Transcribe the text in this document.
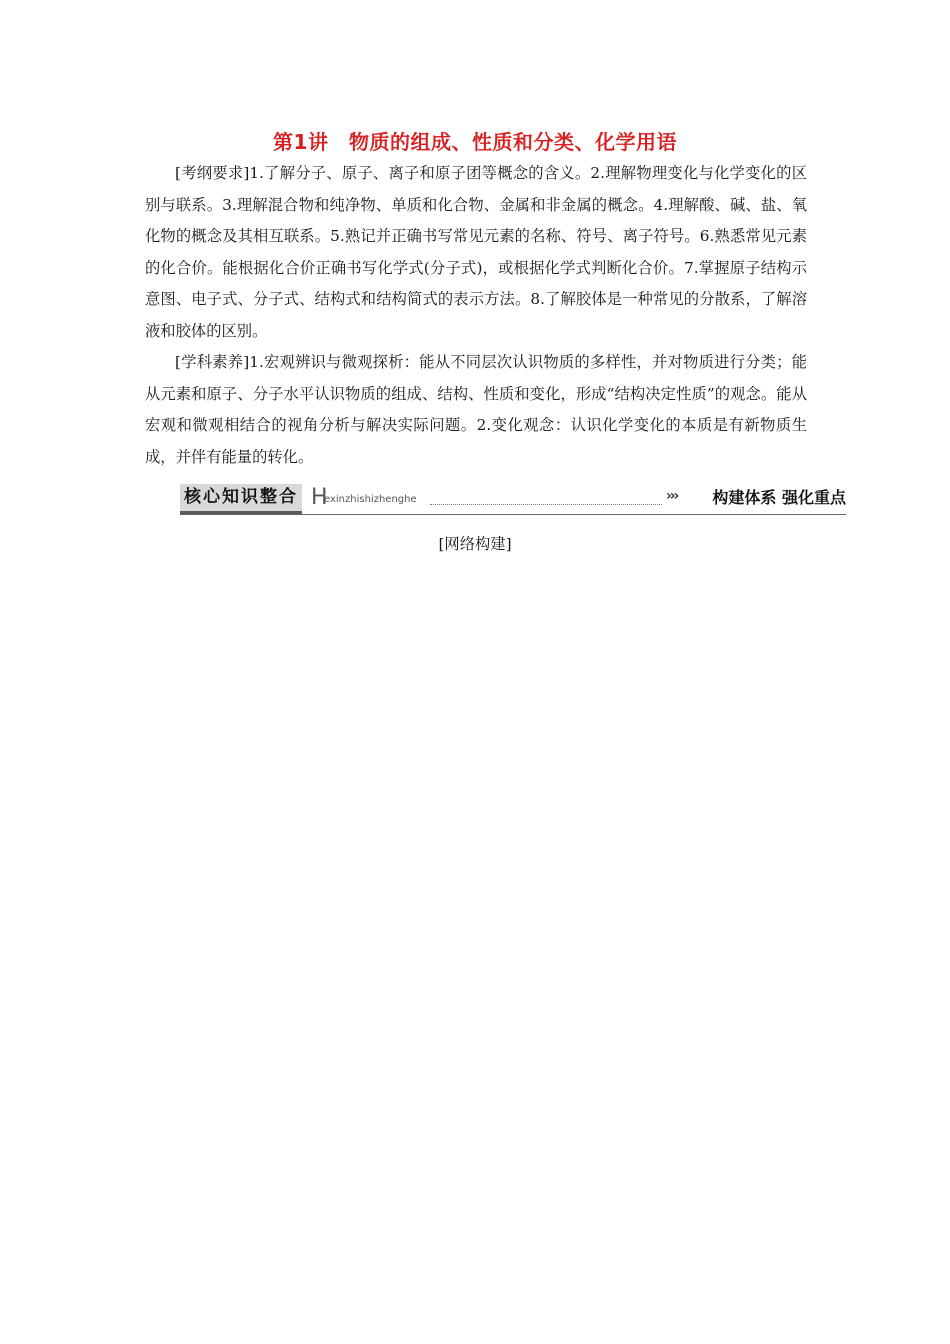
第1讲　物质的组成、性质和分类、化学用语

[考纲要求]1.了解分子、原子、离子和原子团等概念的含义。2.理解物理变化与化学变化的区别与联系。3.理解混合物和纯净物、单质和化合物、金属和非金属的概念。4.理解酸、碱、盐、氧化物的概念及其相互联系。5.熟记并正确书写常见元素的名称、符号、离子符号。6.熟悉常见元素的化合价。能根据化合价正确书写化学式(分子式)，或根据化学式判断化合价。7.掌握原子结构示意图、电子式、分子式、结构式和结构简式的表示方法。8.了解胶体是一种常见的分散系，了解溶液和胶体的区别。

[学科素养]1.宏观辨识与微观探析：能从不同层次认识物质的多样性，并对物质进行分类；能从元素和原子、分子水平认识物质的组成、结构、性质和变化，形成“结构决定性质”的观念。能从宏观和微观相结合的视角分析与解决实际问题。2.变化观念：认识化学变化的本质是有新物质生成，并伴有能量的转化。

核心知识整合 H
exinzhishizhenghe	››› 构建体系 强化重点
[网络构建]
